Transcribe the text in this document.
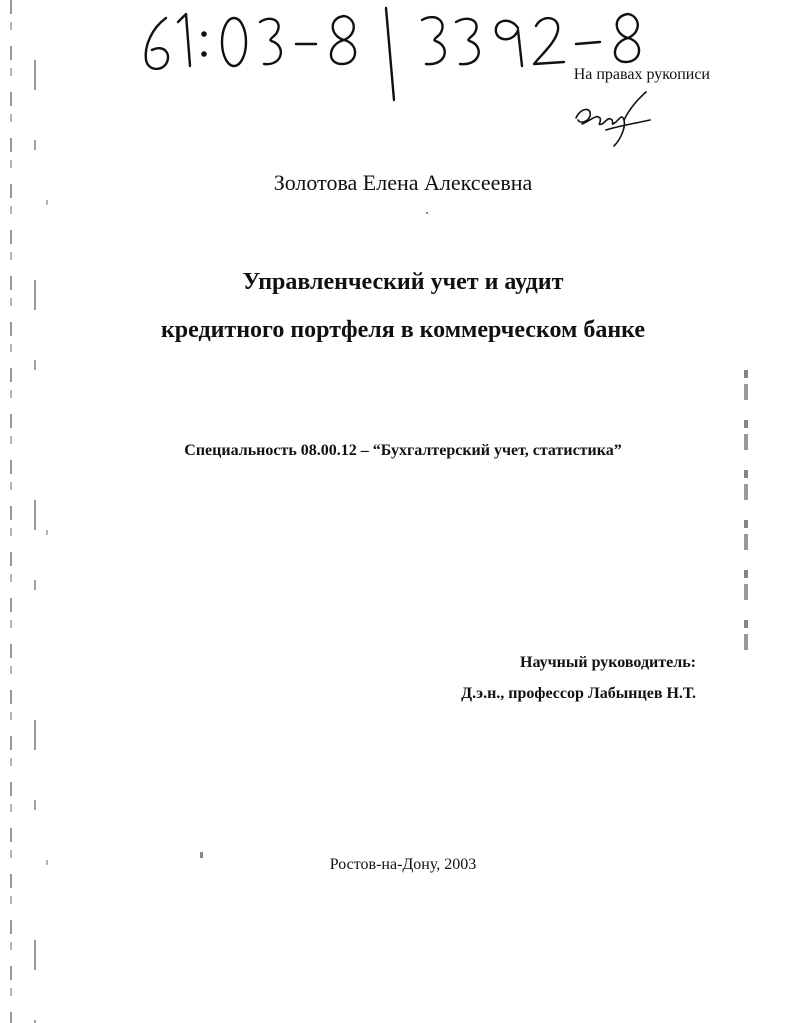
На правах рукописи
Золотова Елена Алексеевна
Управленческий учет и аудит
кредитного портфеля в коммерческом банке
Специальность 08.00.12 – “Бухгалтерский учет, статистика”
Научный руководитель:
Д.э.н., профессор Лабынцев Н.Т.
Ростов-на-Дону, 2003
